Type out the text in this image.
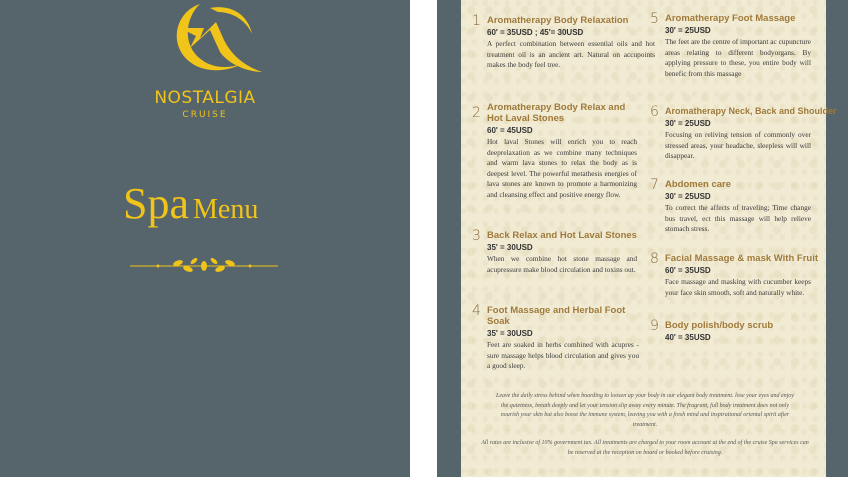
NOSTALGIA
CRUISE
Spa Menu
1 Aromatherapy Body Relaxation
60' = 35USD ; 45'= 30USD
A perfect combination between essential oils and hot treatment oil is an ancient art. Natural on accupoints makes the body feel tree.
2 Aromatherapy Body Relax and Hot Laval Stones
60' = 45USD
Hot laval Stones will enrich you to reach deeprelaxation as we combine many techniques and warm lava stones to relax the body as is deepest level. The powerful metathesis energies of lava stones are known to promote a harmonizing and cleansing effect and positive energy flow.
3 Back Relax and Hot Laval Stones
35' = 30USD
When we combine hot stone massage and acupressure make blood circulation and toxins out.
4 Foot Massage and Herbal Foot Soak
35' = 30USD
Feet are soaked in herbs combined with acupres - sure massage helps blood circulation and gives you a good sleep.
5 Aromatherapy Foot Massage
30' = 25USD
The feet are the centre of important ac cupuncture areas relating to different bodyorgans. By applying pressure to these, you entire body will benefic from this massage
6 Aromatherapy Neck, Back and Shoulder
30' = 25USD
Focusing on reliving tension of commonly over stressed areas, your headache, sleepless will will disappear.
7 Abdomen care
30' = 25USD
To correct the affects of traveling; Time change bus travel, ect this massage will help relieve stomach stress.
8 Facial Massage & mask With Fruit
60' = 35USD
Face massage and masking with cucumber keeps your face skin smooth, soft and naturally white.
9 Body polish/body scrub
40' = 35USD
Leave the daily stress behind when boarding to loosen up your body in our elegant body treatment. lose your eyes and enjoy the quietness, breath deeply and let your tension slip away every minute. The fragrant, full body treatment does not only nourish your skin but also boost the immune system, leaving you with a fresh mind and inspirational oriental spirit after treatment.
All rates are inclusive of 10% government tax. All treatments are charged to your room account at the end of the cruise Spa services can be reserved at the reception on board or booked before cruising.
